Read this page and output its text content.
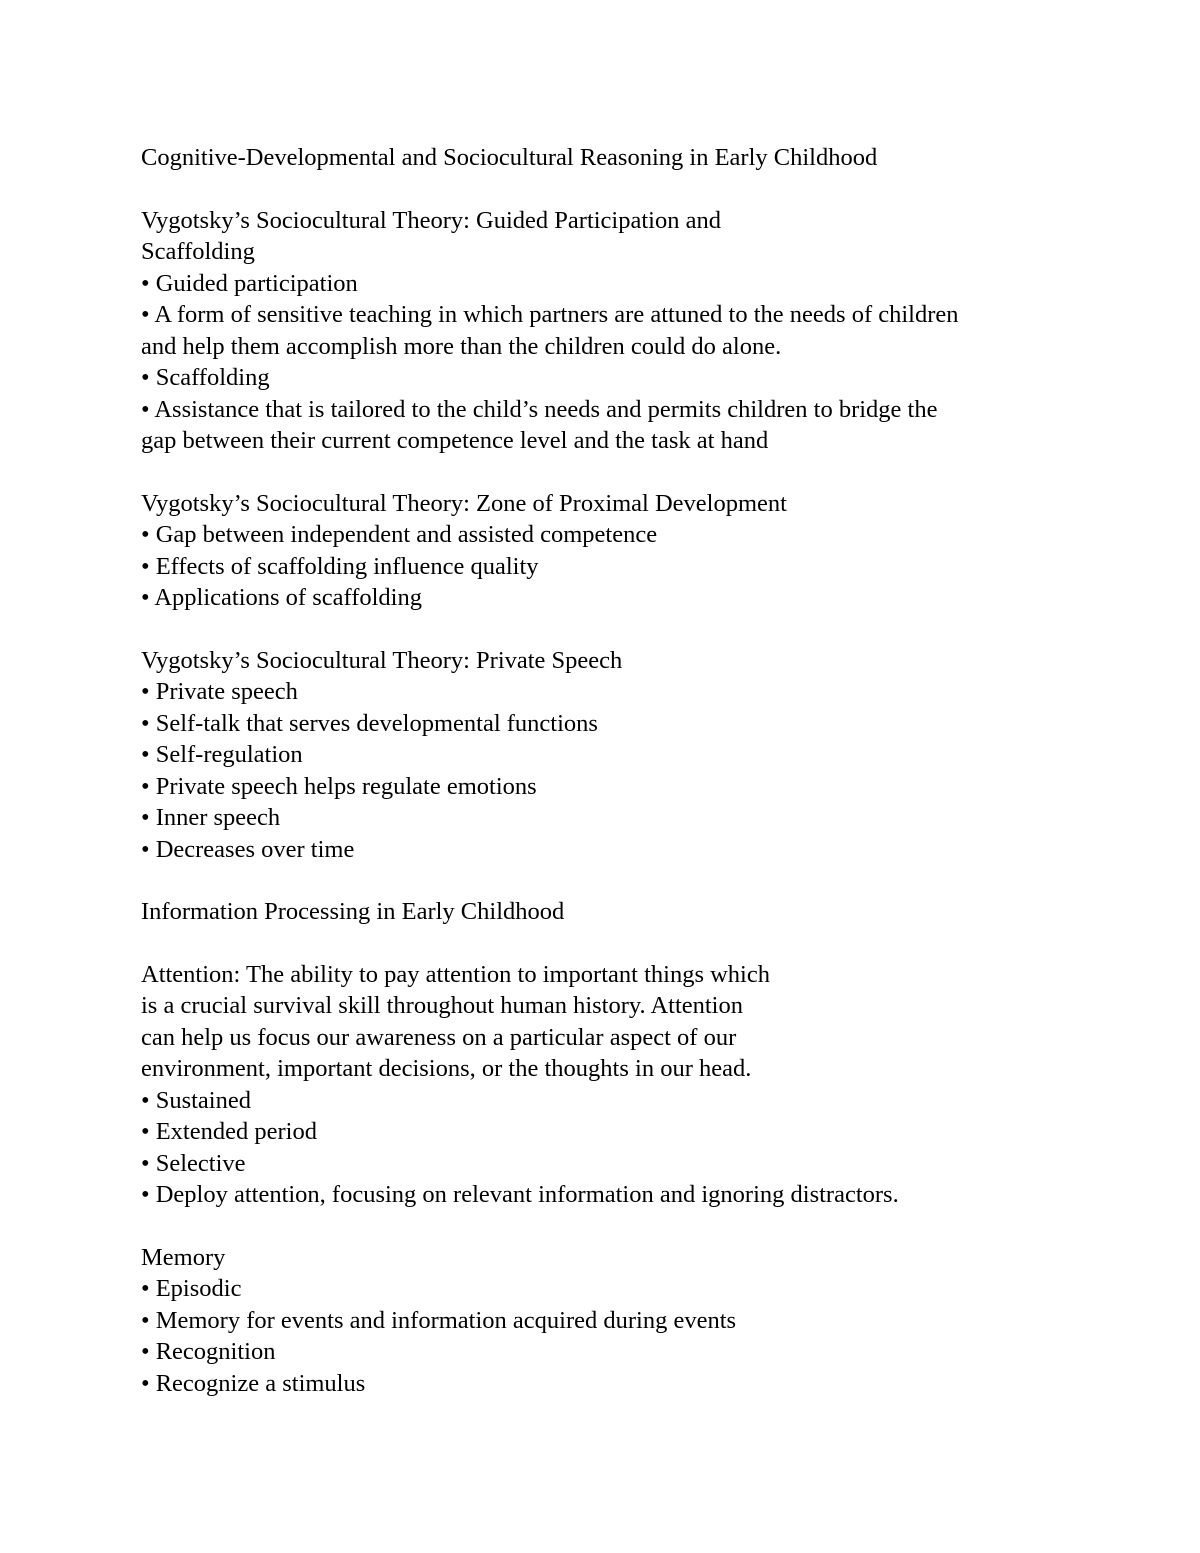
Cognitive-Developmental and Sociocultural Reasoning in Early Childhood
Vygotsky’s Sociocultural Theory: Guided Participation and
Scaffolding
• Guided participation
• A form of sensitive teaching in which partners are attuned to the needs of children
and help them accomplish more than the children could do alone.
• Scaffolding
• Assistance that is tailored to the child’s needs and permits children to bridge the
gap between their current competence level and the task at hand
Vygotsky’s Sociocultural Theory: Zone of Proximal Development
• Gap between independent and assisted competence
• Effects of scaffolding influence quality
• Applications of scaffolding
Vygotsky’s Sociocultural Theory: Private Speech
• Private speech
• Self-talk that serves developmental functions
• Self-regulation
• Private speech helps regulate emotions
• Inner speech
• Decreases over time
Information Processing in Early Childhood
Attention: The ability to pay attention to important things which
is a crucial survival skill throughout human history. Attention
can help us focus our awareness on a particular aspect of our
environment, important decisions, or the thoughts in our head.
• Sustained
• Extended period
• Selective
• Deploy attention, focusing on relevant information and ignoring distractors.
Memory
• Episodic
• Memory for events and information acquired during events
• Recognition
• Recognize a stimulus
